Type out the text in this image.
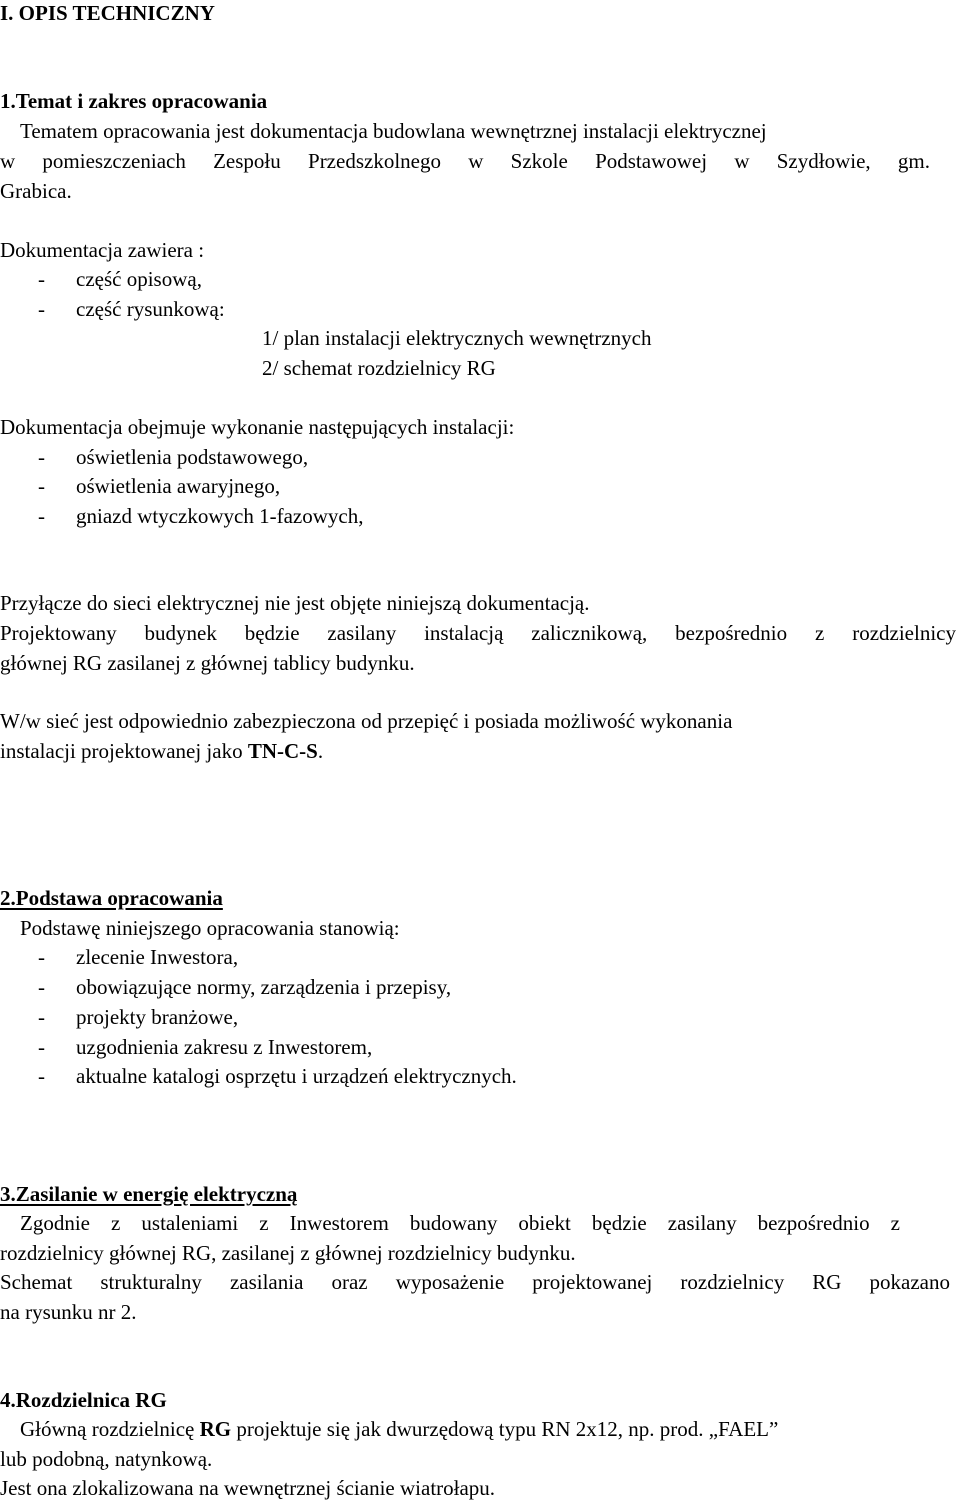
I. OPIS TECHNICZNY
1.Temat i zakres opracowania
Tematem opracowania jest dokumentacja budowlana wewnętrznej instalacji elektrycznej
w pomieszczeniach Zespołu Przedszkolnego w Szkole Podstawowej w Szydłowie, gm.
Grabica.
Dokumentacja zawiera :
- część opisową,
- część rysunkową:
1/ plan instalacji elektrycznych wewnętrznych
2/ schemat rozdzielnicy RG
Dokumentacja obejmuje wykonanie następujących instalacji:
- oświetlenia podstawowego,
- oświetlenia awaryjnego,
- gniazd wtyczkowych 1-fazowych,
Przyłącze do sieci elektrycznej nie jest objęte niniejszą dokumentacją.
Projektowany budynek będzie zasilany instalacją zalicznikową, bezpośrednio z rozdzielnicy
głównej RG zasilanej z głównej tablicy budynku.
W/w sieć jest odpowiednio zabezpieczona od przepięć i posiada możliwość wykonania
instalacji projektowanej jako TN-C-S.
2.Podstawa opracowania
Podstawę niniejszego opracowania stanowią:
- zlecenie Inwestora,
- obowiązujące normy, zarządzenia i przepisy,
- projekty branżowe,
- uzgodnienia zakresu z Inwestorem,
- aktualne katalogi osprzętu i urządzeń elektrycznych.
3.Zasilanie w energię elektryczną
Zgodnie z ustaleniami z Inwestorem budowany obiekt będzie zasilany bezpośrednio z
rozdzielnicy głównej RG, zasilanej z głównej rozdzielnicy budynku.
Schemat strukturalny zasilania oraz wyposażenie projektowanej rozdzielnicy RG pokazano
na rysunku nr 2.
4.Rozdzielnica RG
Główną rozdzielnicę RG projektuje się jak dwurzędową typu RN 2x12, np. prod. „FAEL”
lub podobną, natynkową.
Jest ona zlokalizowana na wewnętrznej ścianie wiatrołapu.
